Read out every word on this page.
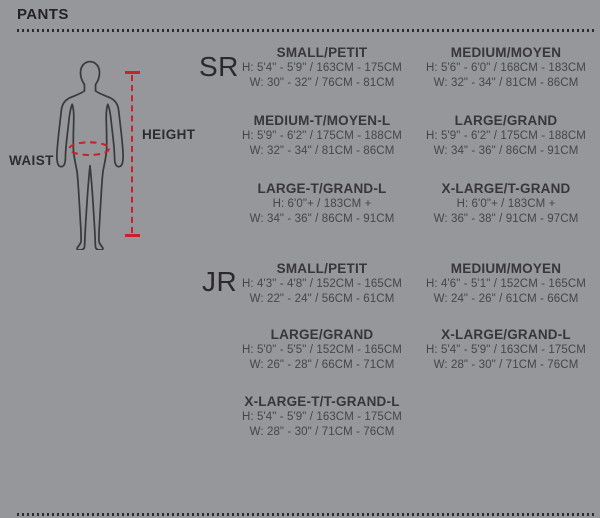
PANTS
WAIST
HEIGHT
SR
JR
SMALL/PETIT
H: 5'4" - 5'9" / 163CM - 175CM
W: 30" - 32" / 76CM - 81CM
MEDIUM/MOYEN
H: 5'6" - 6'0" / 168CM - 183CM
W: 32" - 34" / 81CM - 86CM
MEDIUM-T/MOYEN-L
H: 5'9" - 6'2" / 175CM - 188CM
W: 32" - 34" / 81CM - 86CM
LARGE/GRAND
H: 5'9" - 6'2" / 175CM - 188CM
W: 34" - 36" / 86CM - 91CM
LARGE-T/GRAND-L
H: 6'0"+ / 183CM +
W: 34" - 36" / 86CM - 91CM
X-LARGE/T-GRAND
H: 6'0"+ / 183CM +
W: 36" - 38" / 91CM - 97CM
SMALL/PETIT
H: 4'3" - 4'8" / 152CM - 165CM
W: 22" - 24" / 56CM - 61CM
MEDIUM/MOYEN
H: 4'6" - 5'1" / 152CM - 165CM
W: 24" - 26" / 61CM - 66CM
LARGE/GRAND
H: 5'0" - 5'5" / 152CM - 165CM
W: 26" - 28" / 66CM - 71CM
X-LARGE/GRAND-L
H: 5'4" - 5'9" / 163CM - 175CM
W: 28" - 30" / 71CM - 76CM
X-LARGE-T/T-GRAND-L
H: 5'4" - 5'9" / 163CM - 175CM
W: 28" - 30" / 71CM - 76CM
